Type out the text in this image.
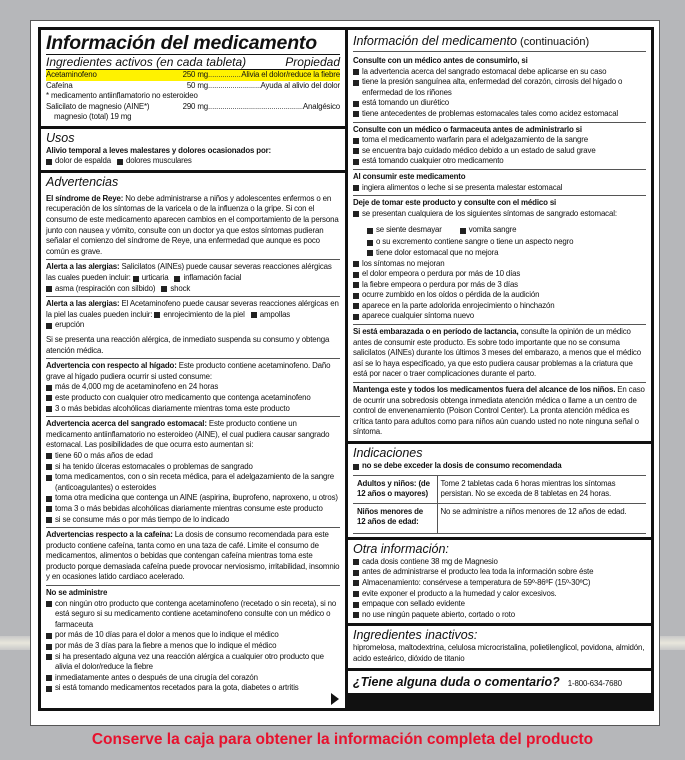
Información del medicamento
Ingredientes activos (en cada tableta)	Propiedad
Acetaminofeno	250 mg .....	Alivia el dolor/reduce la fiebre
Cafeína	50 mg .....	Ayuda al alivio del dolor
* medicamento antiinflamatorio no esteroideo
Salicilato de magnesio (AINE*)	290 mg .....	Analgésico
magnesio (total) 19 mg
Usos
Alivio temporal a leves malestares y dolores ocasionados por:
dolor de espalda dolores musculares
Advertencias
El síndrome de Reye: No debe administrarse a niños y adolescentes enfermos o en recuperación de los síntomas de la varicela o de la influenza o la gripe. Si con el consumo de este medicamento aparecen cambios en el comportamiento de la persona junto con nausea y vómito, consulte con un doctor ya que estos síntomas pudieran señalar el comienzo del síndrome de Reye, una enfermedad que aunque es poco común es grave.
Alerta a las alergias: Salicilatos (AINEs) puede causar severas reacciones alérgicas las cuales pueden incluir: urticaria inflamación facialasma (respiración con silbido) shock
Alerta a las alergias: El Acetaminofeno puede causar severas reacciones alérgicas en la piel las cuales pueden incluir: enrojecimiento de la piel ampollaserupción
Si se presenta una reacción alérgica, de inmediato suspenda su consumo y obtenga atención médica.
Advertencia con respecto al hígado: Este producto contiene acetaminofeno. Daño grave al hígado pudiera ocurrir si usted consume:
más de 4,000 mg de acetaminofeno en 24 horas
este producto con cualquier otro medicamento que contenga acetaminofeno
3 o más bebidas alcohólicas diariamente mientras toma este producto
Advertencia acerca del sangrado estomacal: Este producto contiene un medicamento antiinflamatorio no esteroideo (AINE), el cual pudiera causar sangrado estomacal. Las posibilidades de que ocurra esto aumentan si:
tiene 60 o más años de edad
si ha tenido úlceras estomacales o problemas de sangrado
toma medicamentos, con o sin receta médica, para el adelgazamiento de la sangre (anticoagulantes) o esteroides
toma otra medicina que contenga un AINE (aspirina, ibuprofeno, naproxeno, u otros)
toma 3 o más bebidas alcohólicas diariamente mientras consume este producto
si se consume más o por más tiempo de lo indicado
Advertencias respecto a la cafeína: La dosis de consumo recomendada para este producto contiene cafeína, tanta como en una taza de café. Limite el consumo de medicamentos, alimentos o bebidas que contengan cafeína mientras toma este producto porque demasiada cafeína puede provocar nerviosismo, irritabilidad, insomnio y en ocasiones latido cardiaco acelerado.
No se administre
con ningún otro producto que contenga acetaminofeno (recetado o sin receta), si no está seguro si su medicamento contiene acetaminofeno consulte con un médico o farmaceuta
por más de 10 días para el dolor a menos que lo indique el médico
por más de 3 días para la fiebre a menos que lo indique el médico
si ha presentado alguna vez una reacción alérgica a cualquier otro producto que alivia el dolor/reduce la fiebre
inmediatamente antes o después de una cirugía del corazón
si está tomando medicamentos recetados para la gota, diabetes o artritis
Información del medicamento (continuación)
Consulte con un médico antes de consumirlo, si
la advertencia acerca del sangrado estomacal debe aplicarse en su caso
tiene la presión sanguínea alta, enfermedad del corazón, cirrosis del hígado o enfermedad de los riñones
está tomando un diurético
tiene antecedentes de problemas estomacales tales como acidez estomacal
Consulte con un médico o farmaceuta antes de administrarlo si
toma el medicamento warfarin para el adelgazamiento de la sangre
se encuentra bajo cuidado médico debido a un estado de salud grave
está tomando cualquier otro medicamento
Al consumir este medicamento
ingiera alimentos o leche si se presenta malestar estomacal
Deje de tomar este producto y consulte con el médico si
se presentan cualquiera de los siguientes síntomas de sangrado estomacal:
se siente desmayar	vomita sangre
o su excremento contiene sangre o tiene un aspecto negro
tiene dolor estomacal que no mejora
los síntomas no mejoran
el dolor empeora o perdura por más de 10 días
la fiebre empeora o perdura por más de 3 días
ocurre zumbido en los oídos o pérdida de la audición
aparece en la parte adolorida enrojecimiento o hinchazón
aparece cualquier síntoma nuevo
Si está embarazada o en período de lactancia, consulte la opinión de un médico antes de consumir este producto. Es sobre todo importante que no se consuma salicilatos (AINEs) durante los últimos 3 meses del embarazo, a menos que el médico así se lo haya especificado, ya que esto pudiera causar problemas a la criatura que está por nacer o traer complicaciones durante el parto.
Mantenga este y todos los medicamentos fuera del alcance de los niños. En caso de ocurrir una sobredosis obtenga inmediata atención médica o llame a un centro de control de envenenamiento (Poison Control Center). La pronta atención médica es crítica tanto para adultos como para niños aún cuando usted no note ninguna señal o síntoma.
Indicaciones
no se debe exceder la dosis de consumo recomendada
Adultos y niños: (de 12 años o mayores)	Tome 2 tabletas cada 6 horas mientras los síntomas persistan. No se exceda de 8 tabletas en 24 horas.
Niños menores de 12 años de edad:	No se administre a niños menores de 12 años de edad.
Otra información:
cada dosis contiene 38 mg de Magnesio
antes de administrarse el producto lea toda la información sobre éste
Almacenamiento: consérvese a temperatura de 59º-86ºF (15º-30ºC)
evite exponer el producto a la humedad y calor excesivos.
empaque con sellado evidente
no use ningún paquete abierto, cortado o roto
Ingredientes inactivos:
hipromelosa, maltodextrina, celulosa microcristalina, polietilenglicol, povidona, almidón, acido esteárico, dióxido de titanio
¿Tiene alguna duda o comentario? 1-800-634-7680
Conserve la caja para obtener la información completa del producto
